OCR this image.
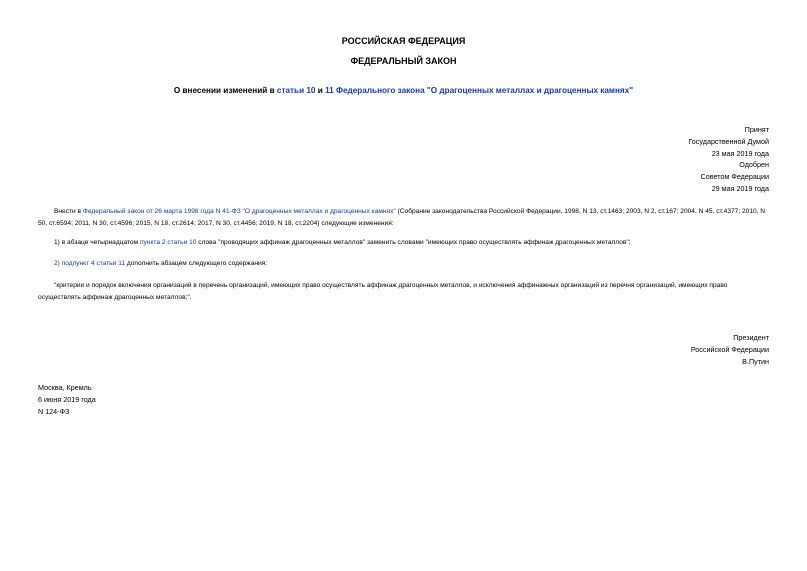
РОССИЙСКАЯ ФЕДЕРАЦИЯ
ФЕДЕРАЛЬНЫЙ ЗАКОН
О внесении изменений в статьи 10 и 11 Федерального закона "О драгоценных металлах и драгоценных камнях"
Принят
Государственной Думой
23 мая 2019 года
Одобрен
Советом Федерации
29 мая 2019 года
Внести в Федеральный закон от 26 марта 1998 года N 41-ФЗ "О драгоценных металлах и драгоценных камнях" (Собрание законодательства Российской Федерации, 1998, N 13, ст.1463; 2003, N 2, ст.167; 2004, N 45, ст.4377; 2010, N 50, ст.6594; 2011, N 30, ст.4596; 2015, N 18, ст.2614; 2017, N 30, ст.4456; 2019, N 18, ст.2204) следующие изменения:
1) в абзаце четырнадцатом пункта 2 статьи 10 слова "проводящих аффинаж драгоценных металлов" заменить словами "имеющих право осуществлять аффинаж драгоценных металлов";
2) подпункт 4 статьи 11 дополнить абзацем следующего содержания:
"критерии и порядок включения организаций в перечень организаций, имеющих право осуществлять аффинаж драгоценных металлов, и исключения аффинажных организаций из перечня организаций, имеющих право осуществлять аффинаж драгоценных металлов;".
Президент
Российской Федерации
В.Путин
Москва, Кремль
6 июня 2019 года
N 124-ФЗ
